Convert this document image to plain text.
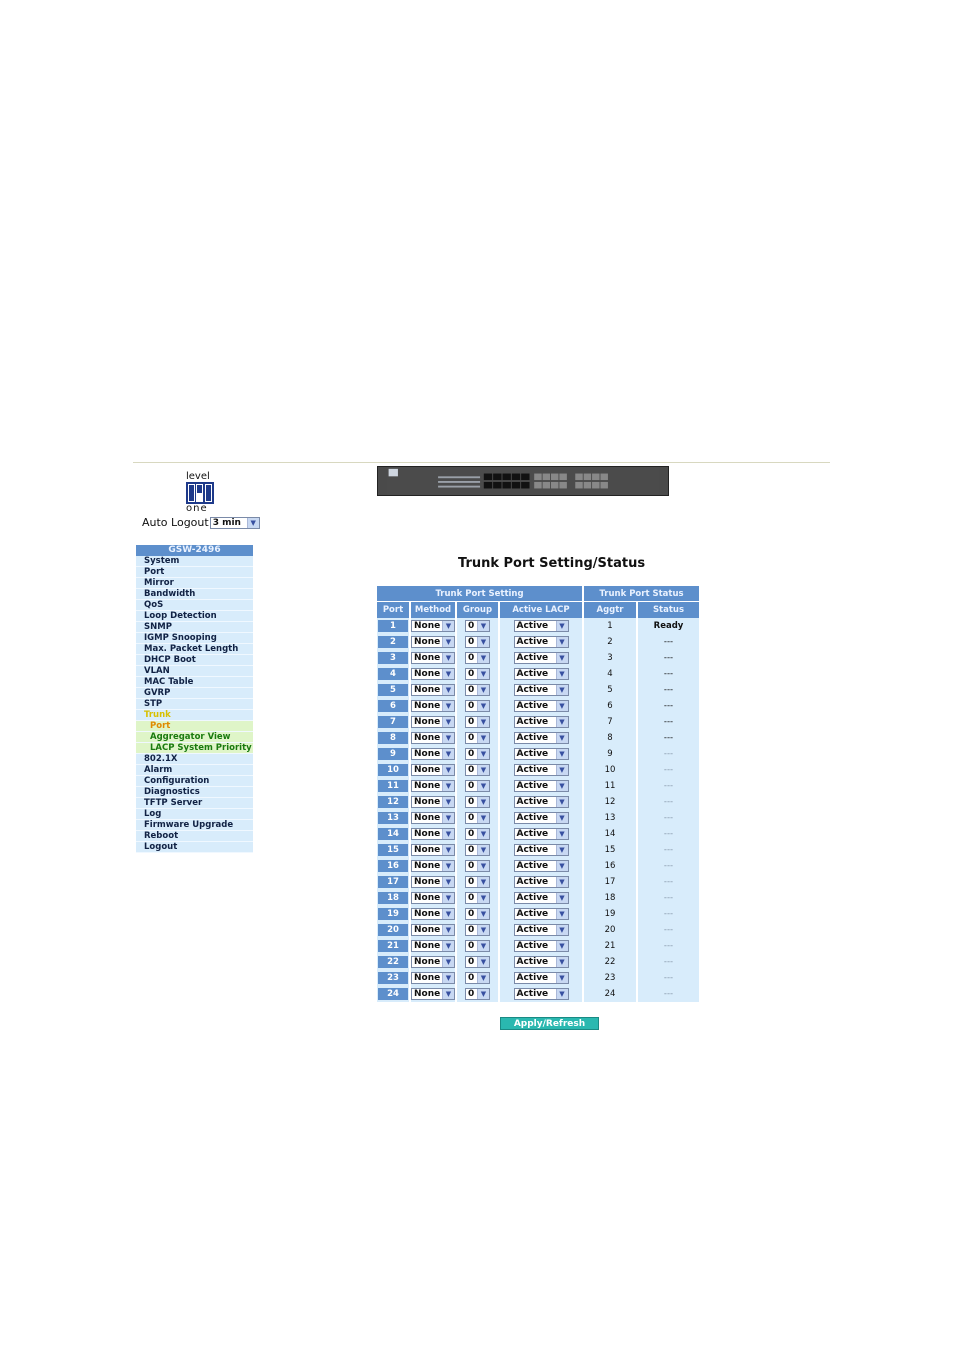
level
one
Auto Logout 3 min	▼
GSW-2496
System
Port
Mirror
Bandwidth
QoS
Loop Detection
SNMP
IGMP Snooping
Max. Packet Length
DHCP Boot
VLAN
MAC Table
GVRP
STP
Trunk
Port
Aggregator View
LACP System Priority
802.1X
Alarm
Configuration
Diagnostics
TFTP Server
Log
Firmware Upgrade
Reboot
Logout
Trunk Port Setting/Status
Trunk Port Setting				Trunk Port Status	
Port	Method	Group	Active LACP	Aggtr	Status
1	None ▼	0 ▼	Active ▼	1	Ready
2	None ▼	0 ▼	Active ▼	2	---
3	None ▼	0 ▼	Active ▼	3	---
4	None ▼	0 ▼	Active ▼	4	---
5	None ▼	0 ▼	Active ▼	5	---
6	None ▼	0 ▼	Active ▼	6	---
7	None ▼	0 ▼	Active ▼	7	---
8	None ▼	0 ▼	Active ▼	8	---
9	None ▼	0 ▼	Active ▼	9	---
10	None ▼	0 ▼	Active ▼	10	---
11	None ▼	0 ▼	Active ▼	11	---
12	None ▼	0 ▼	Active ▼	12	---
13	None ▼	0 ▼	Active ▼	13	---
14	None ▼	0 ▼	Active ▼	14	---
15	None ▼	0 ▼	Active ▼	15	---
16	None ▼	0 ▼	Active ▼	16	---
17	None ▼	0 ▼	Active ▼	17	---
18	None ▼	0 ▼	Active ▼	18	---
19	None ▼	0 ▼	Active ▼	19	---
20	None ▼	0 ▼	Active ▼	20	---
21	None ▼	0 ▼	Active ▼	21	---
22	None ▼	0 ▼	Active ▼	22	---
23	None ▼	0 ▼	Active ▼	23	---
24	None ▼	0 ▼	Active ▼	24	---
Apply/Refresh
